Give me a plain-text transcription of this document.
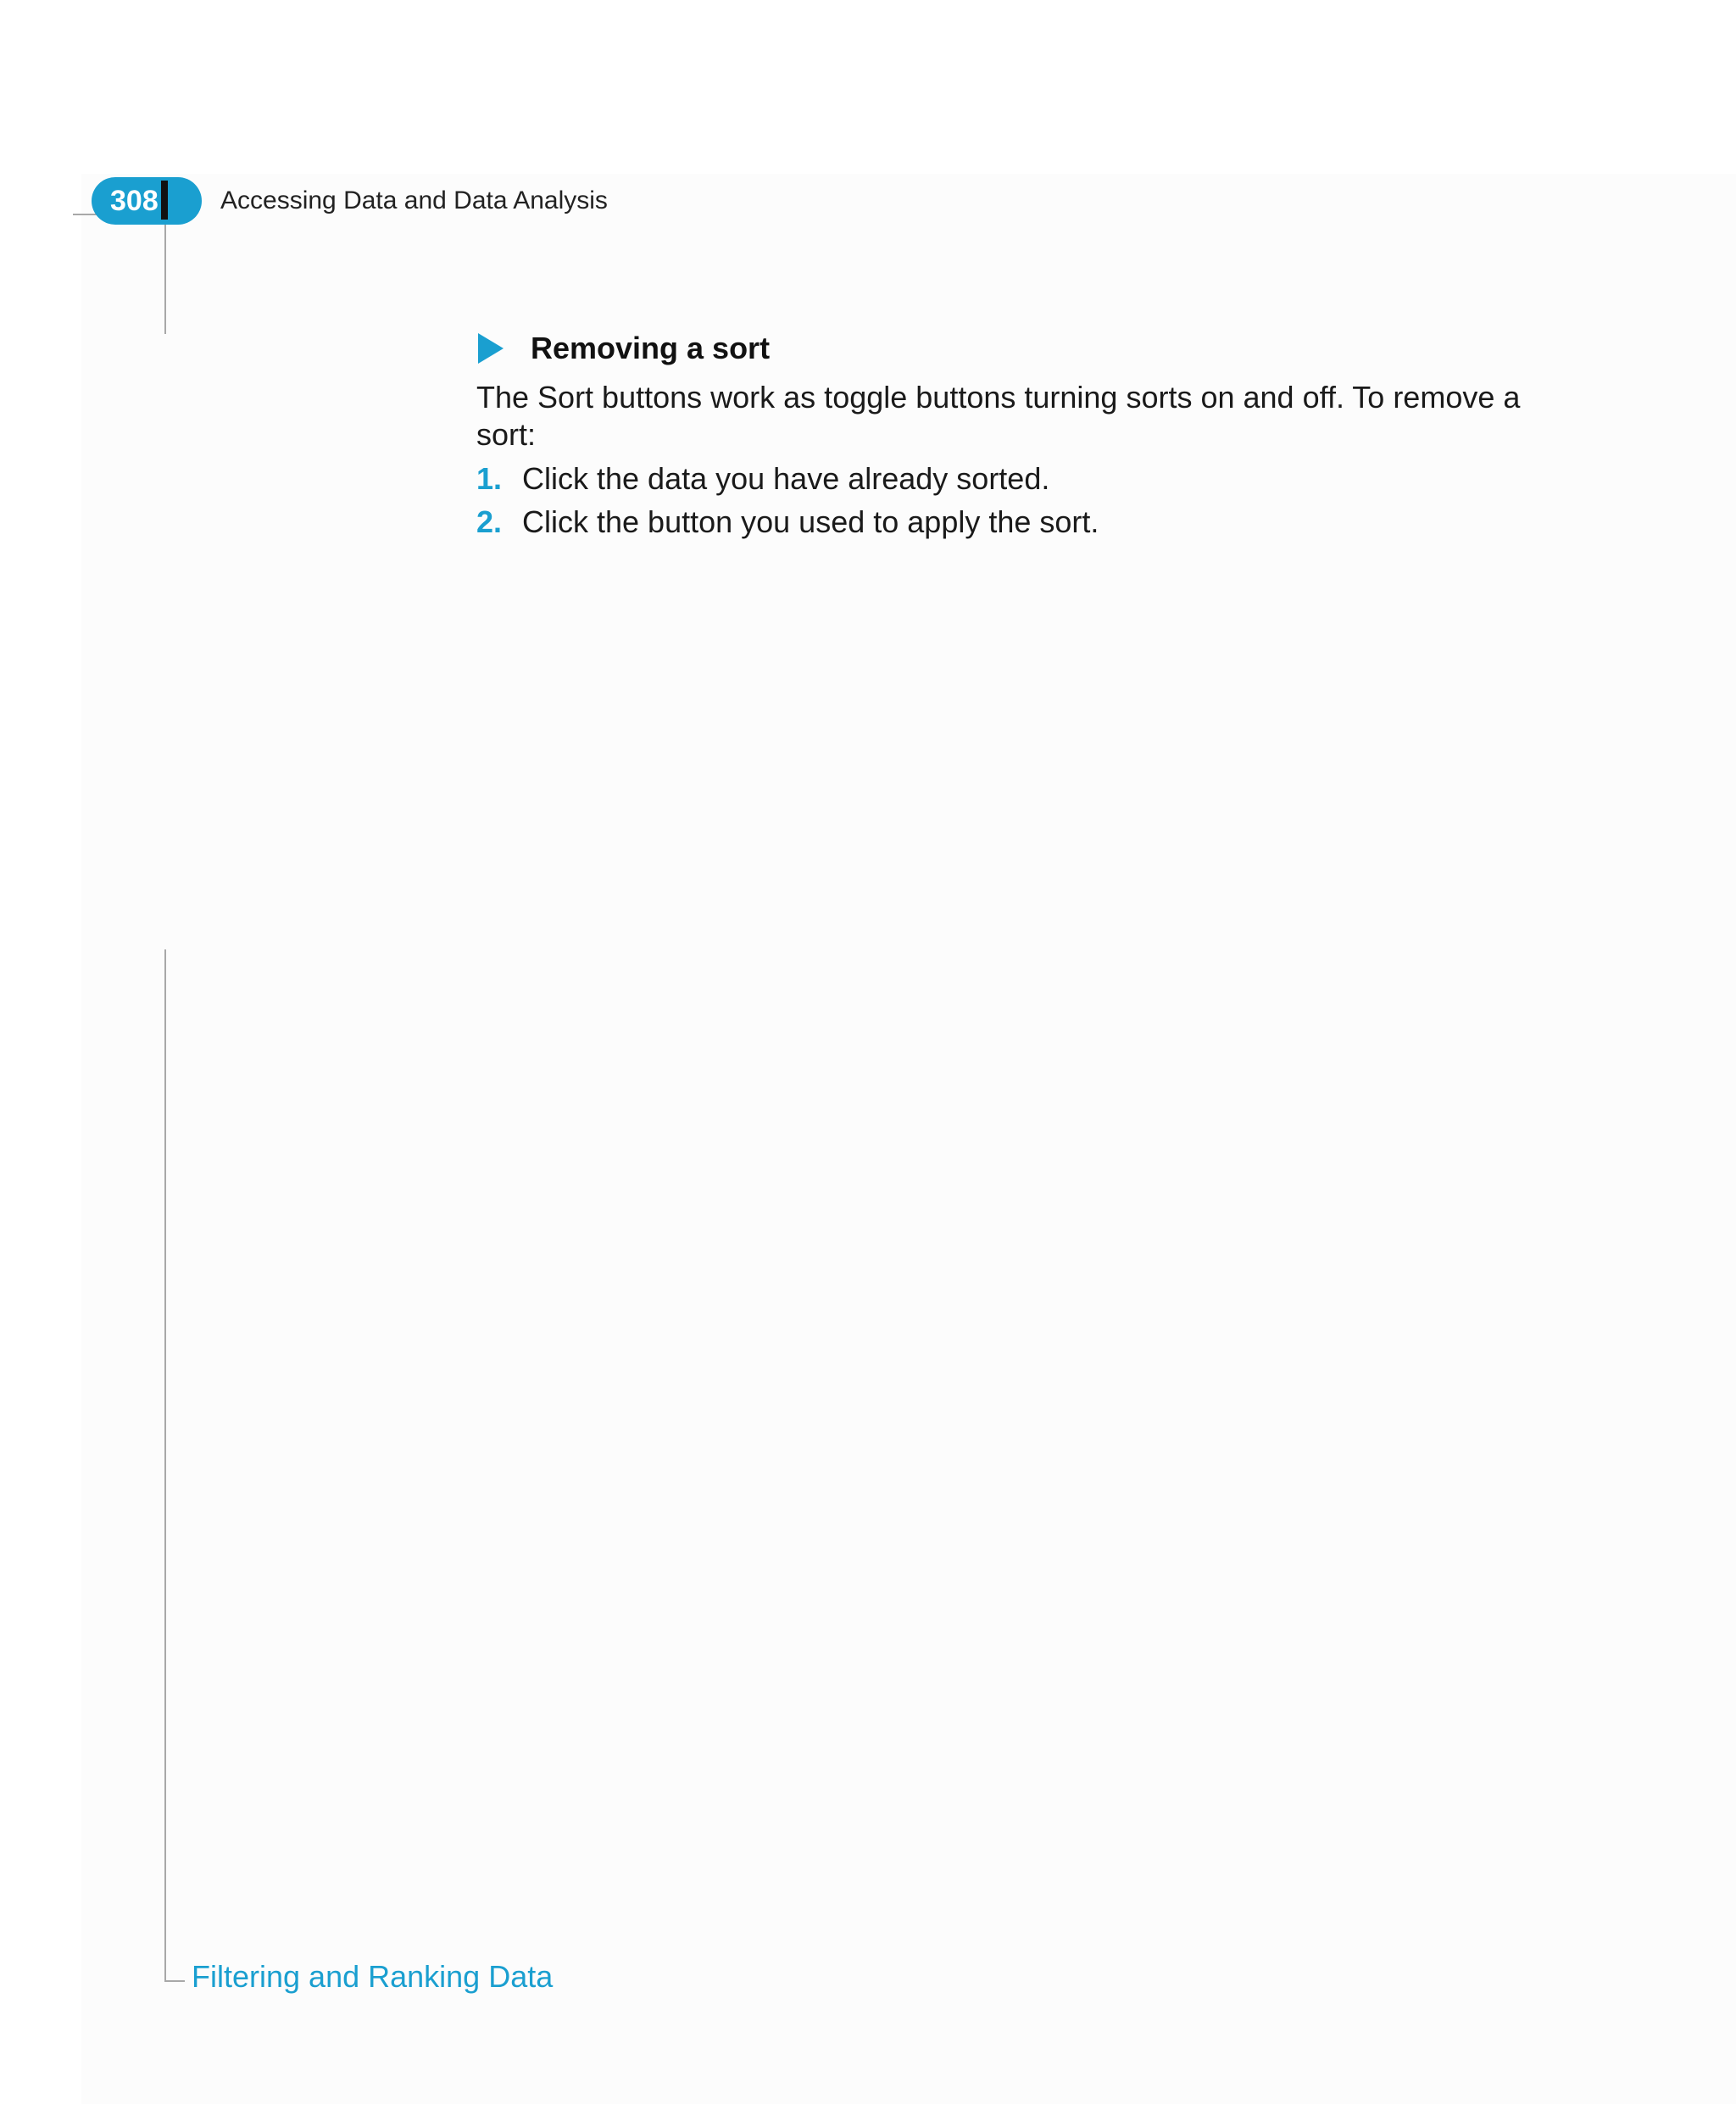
308 Accessing Data and Data Analysis
Removing a sort

The Sort buttons work as toggle buttons turning sorts on and off. To remove a sort:

1. Click the data you have already sorted.
2. Click the button you used to apply the sort.
Filtering and Ranking Data
